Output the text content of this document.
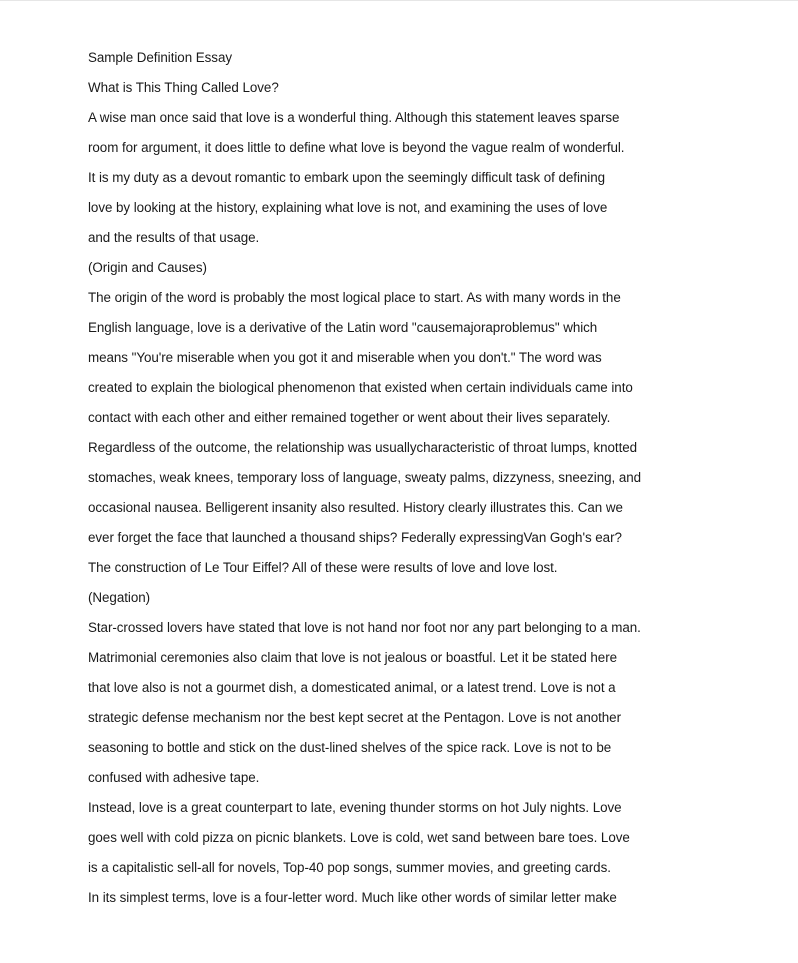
Sample Definition Essay
What is This Thing Called Love?
A wise man once said that love is a wonderful thing. Although this statement leaves sparse
room for argument, it does little to define what love is beyond the vague realm of wonderful.
It is my duty as a devout romantic to embark upon the seemingly difficult task of defining
love by looking at the history, explaining what love is not, and examining the uses of love
and the results of that usage.
(Origin and Causes)
The origin of the word is probably the most logical place to start. As with many words in the
English language, love is a derivative of the Latin word "causemajoraproblemus" which
means "You're miserable when you got it and miserable when you don't." The word was
created to explain the biological phenomenon that existed when certain individuals came into
contact with each other and either remained together or went about their lives separately.
Regardless of the outcome, the relationship was usuallycharacteristic of throat lumps, knotted
stomaches, weak knees, temporary loss of language, sweaty palms, dizzyness, sneezing, and
occasional nausea. Belligerent insanity also resulted. History clearly illustrates this. Can we
ever forget the face that launched a thousand ships? Federally expressingVan Gogh's ear?
The construction of Le Tour Eiffel? All of these were results of love and love lost.
(Negation)
Star-crossed lovers have stated that love is not hand nor foot nor any part belonging to a man.
Matrimonial ceremonies also claim that love is not jealous or boastful. Let it be stated here
that love also is not a gourmet dish, a domesticated animal, or a latest trend. Love is not a
strategic defense mechanism nor the best kept secret at the Pentagon. Love is not another
seasoning to bottle and stick on the dust-lined shelves of the spice rack. Love is not to be
confused with adhesive tape.
Instead, love is a great counterpart to late, evening thunder storms on hot July nights. Love
goes well with cold pizza on picnic blankets. Love is cold, wet sand between bare toes. Love
is a capitalistic sell-all for novels, Top-40 pop songs, summer movies, and greeting cards.
In its simplest terms, love is a four-letter word. Much like other words of similar letter make
